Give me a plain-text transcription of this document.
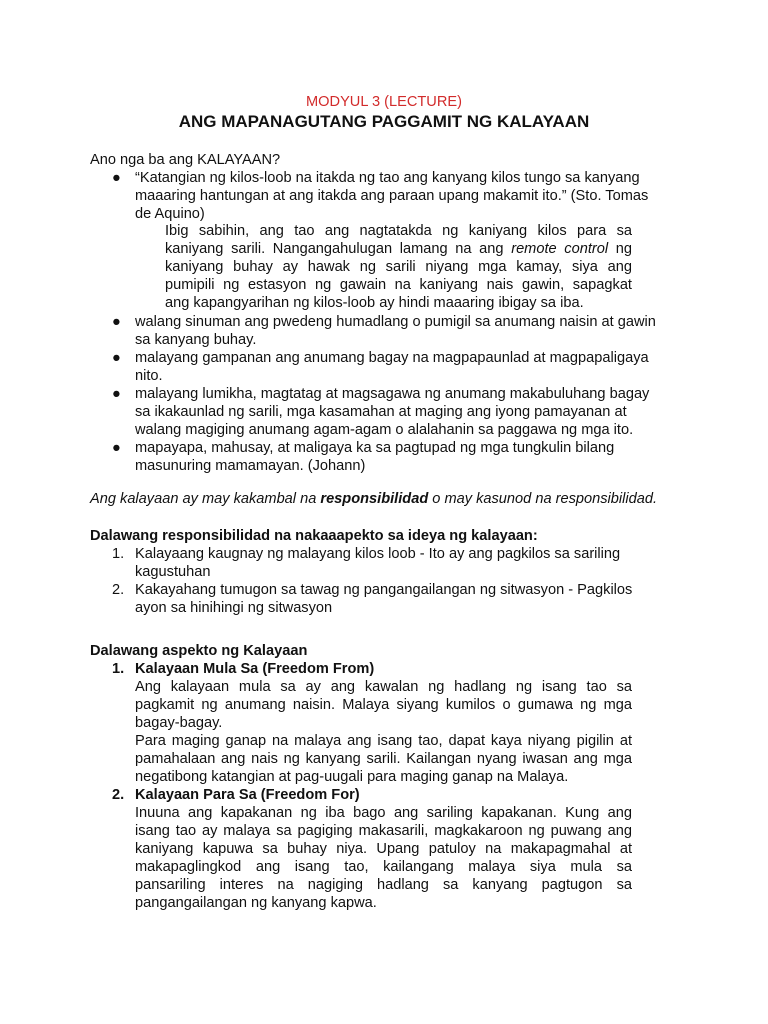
MODYUL 3 (LECTURE)
ANG MAPANAGUTANG PAGGAMIT NG KALAYAAN
Ano nga ba ang KALAYAAN?
● “Katangian ng kilos-loob na itakda ng tao ang kanyang kilos tungo sa kanyang
maaaring hantungan at ang itakda ang paraan upang makamit ito.” (Sto. Tomas
de Aquino)
Ibig sabihin, ang tao ang nagtatakda ng kaniyang kilos para sa
kaniyang sarili. Nangangahulugan lamang na ang remote control ng
kaniyang buhay ay hawak ng sarili niyang mga kamay, siya ang
pumipili ng estasyon ng gawain na kaniyang nais gawin, sapagkat
ang kapangyarihan ng kilos-loob ay hindi maaaring ibigay sa iba.
● walang sinuman ang pwedeng humadlang o pumigil sa anumang naisin at gawin
sa kanyang buhay.
● malayang gampanan ang anumang bagay na magpapaunlad at magpapaligaya
nito.
● malayang lumikha, magtatag at magsagawa ng anumang makabuluhang bagay
sa ikakaunlad ng sarili, mga kasamahan at maging ang iyong pamayanan at
walang magiging anumang agam-agam o alalahanin sa paggawa ng mga ito.
● mapayapa, mahusay, at maligaya ka sa pagtupad ng mga tungkulin bilang
masunuring mamamayan. (Johann)
Ang kalayaan ay may kakambal na responsibilidad o may kasunod na responsibilidad.
Dalawang responsibilidad na nakaaapekto sa ideya ng kalayaan:
1. Kalayaang kaugnay ng malayang kilos loob - Ito ay ang pagkilos sa sariling
kagustuhan
2. Kakayahang tumugon sa tawag ng pangangailangan ng sitwasyon - Pagkilos
ayon sa hinihingi ng sitwasyon
Dalawang aspekto ng Kalayaan
1. Kalayaan Mula Sa (Freedom From)
Ang kalayaan mula sa ay ang kawalan ng hadlang ng isang tao sa
pagkamit ng anumang naisin. Malaya siyang kumilos o gumawa ng mga
bagay-bagay.
Para maging ganap na malaya ang isang tao, dapat kaya niyang pigilin at
pamahalaan ang nais ng kanyang sarili. Kailangan nyang iwasan ang mga
negatibong katangian at pag-uugali para maging ganap na Malaya.
2. Kalayaan Para Sa (Freedom For)
Inuuna ang kapakanan ng iba bago ang sariling kapakanan. Kung ang
isang tao ay malaya sa pagiging makasarili, magkakaroon ng puwang ang
kaniyang kapuwa sa buhay niya. Upang patuloy na makapagmahal at
makapaglingkod ang isang tao, kailangang malaya siya mula sa
pansariling interes na nagiging hadlang sa kanyang pagtugon sa
pangangailangan ng kanyang kapwa.
